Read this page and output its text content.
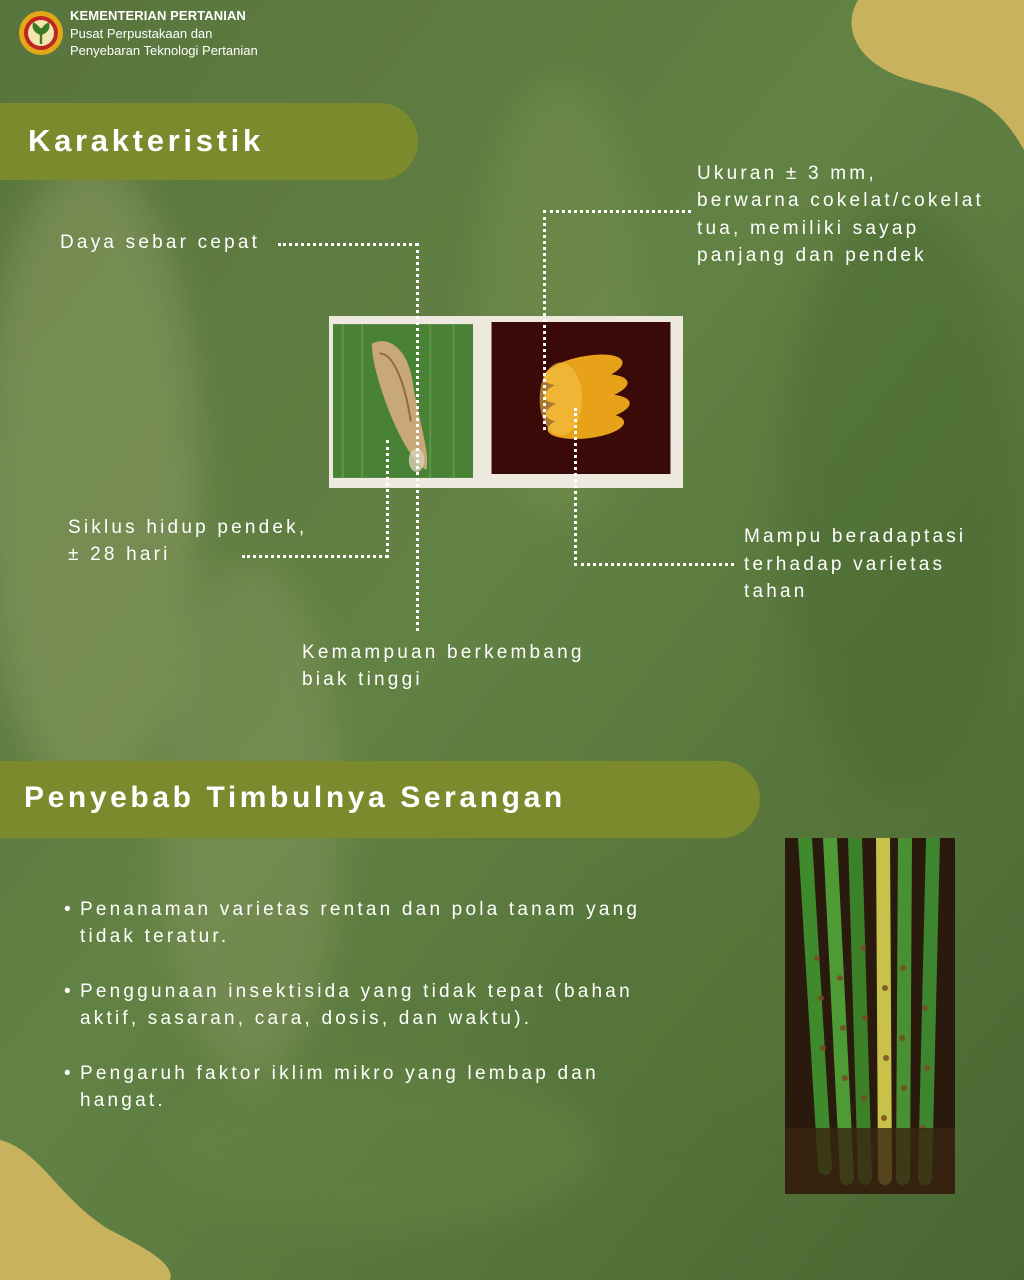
KEMENTERIAN PERTANIAN
Pusat Perpustakaan dan
Penyebaran Teknologi Pertanian
Karakteristik
Daya sebar cepat
Ukuran ± 3 mm,
berwarna cokelat/cokelat
tua, memiliki sayap
panjang dan pendek
Siklus hidup pendek,
± 28 hari
Mampu beradaptasi
terhadap varietas
tahan
Kemampuan berkembang
biak tinggi
Penyebab Timbulnya Serangan
• Penanaman varietas rentan dan pola tanam yang
tidak teratur.
• Penggunaan insektisida yang tidak tepat (bahan
aktif, sasaran, cara, dosis, dan waktu).
• Pengaruh faktor iklim mikro yang lembap dan
hangat.
